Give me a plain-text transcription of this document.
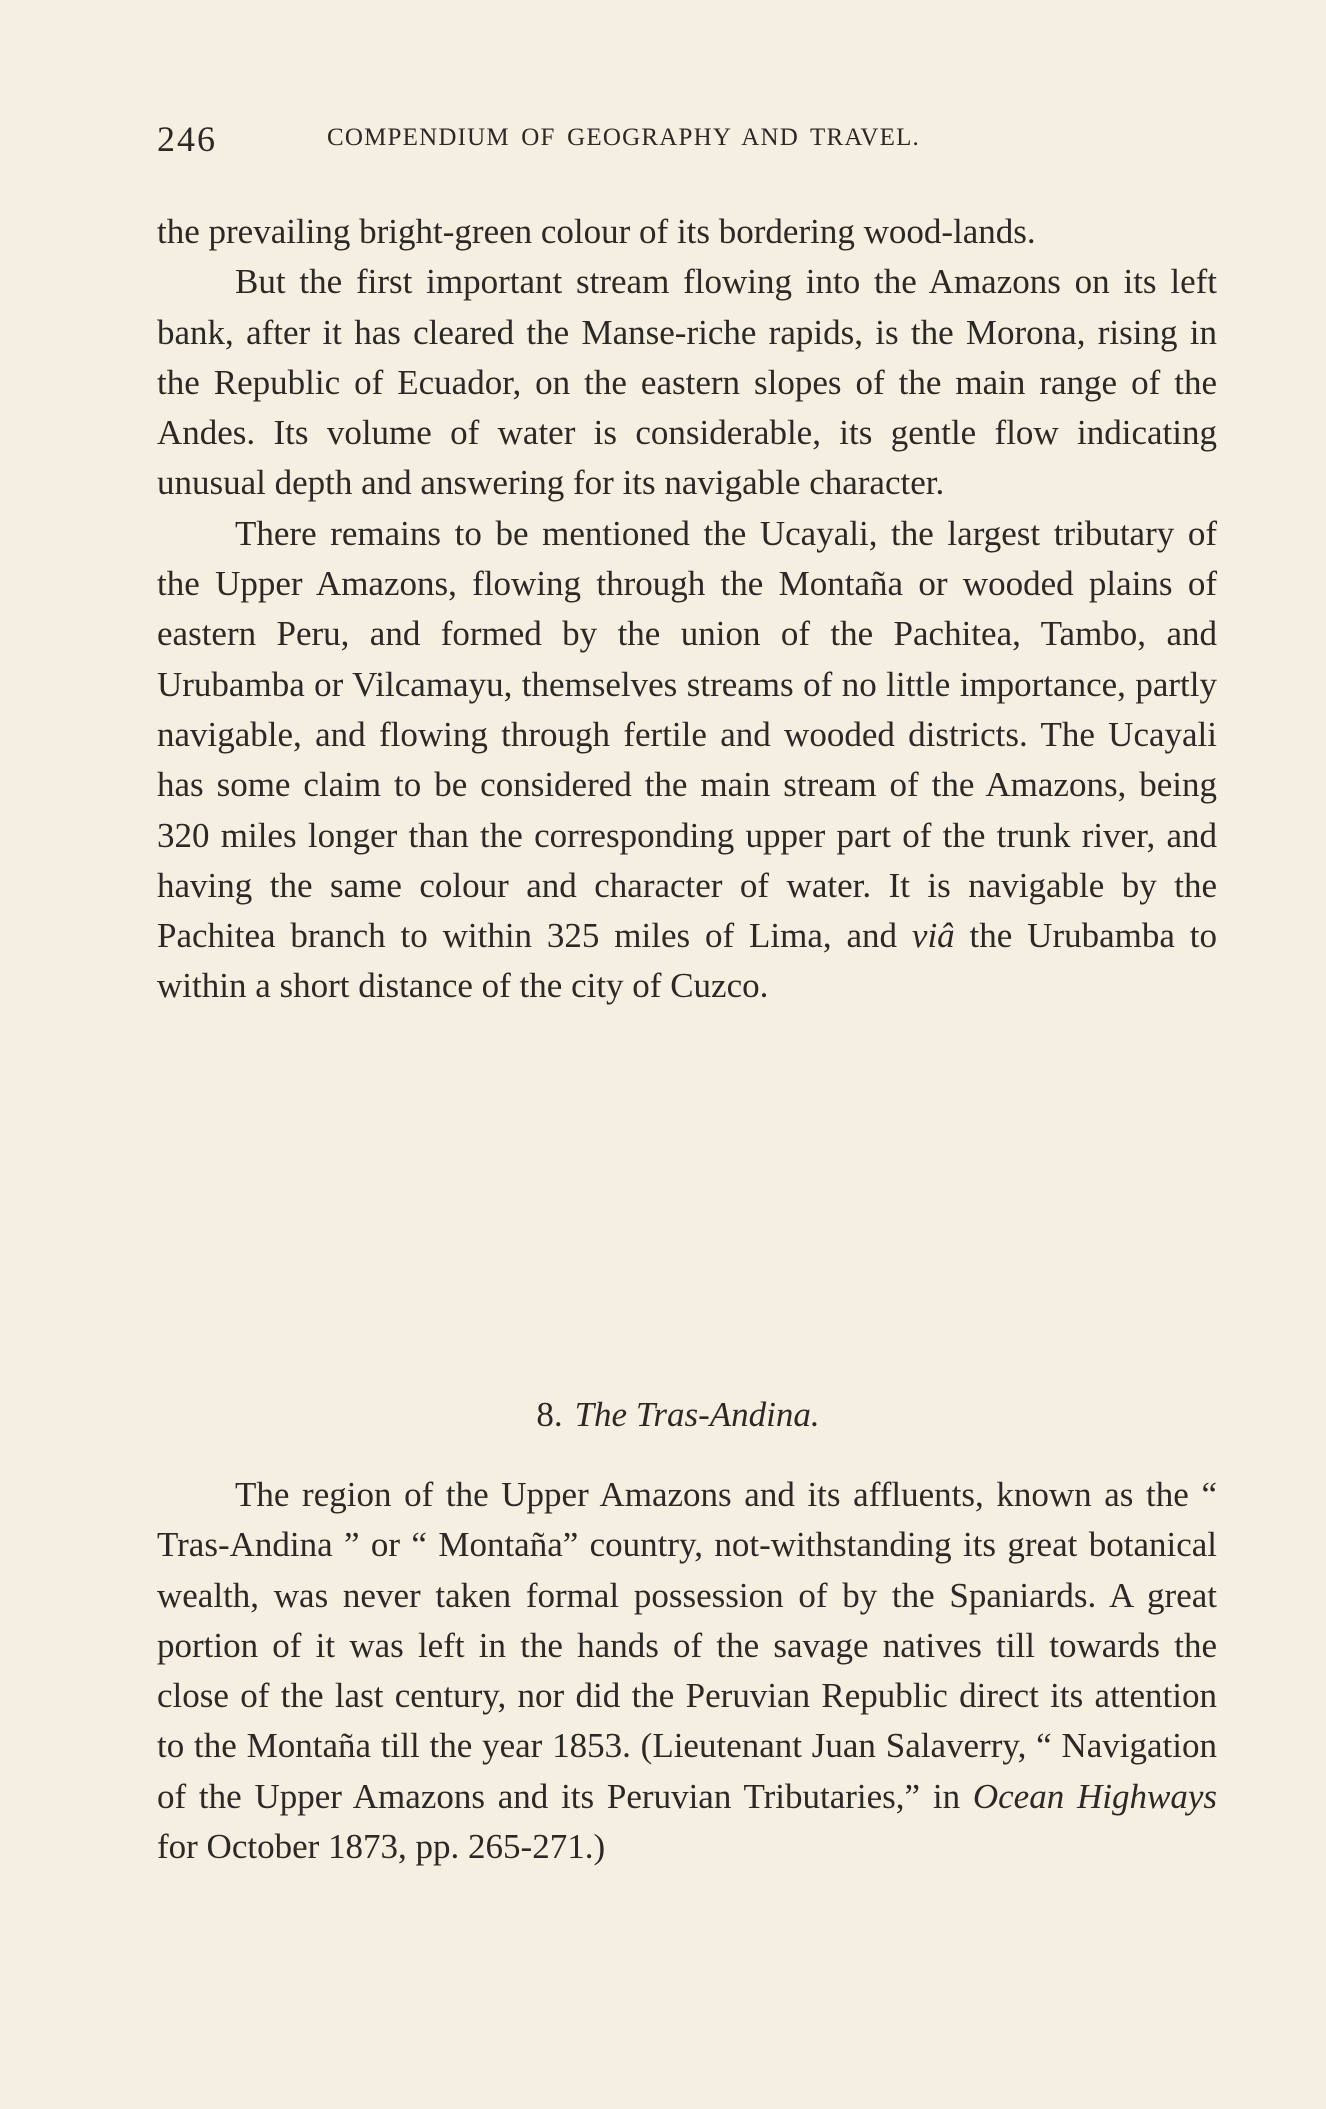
246	COMPENDIUM OF GEOGRAPHY AND TRAVEL.

the prevailing bright-green colour of its bordering wood-lands.

But the first important stream flowing into the Amazons on its left bank, after it has cleared the Manse-riche rapids, is the Morona, rising in the Republic of Ecuador, on the eastern slopes of the main range of the Andes. Its volume of water is considerable, its gentle flow indicating unusual depth and answering for its navigable character.

There remains to be mentioned the Ucayali, the largest tributary of the Upper Amazons, flowing through the Montaña or wooded plains of eastern Peru, and formed by the union of the Pachitea, Tambo, and Urubamba or Vilcamayu, themselves streams of no little importance, partly navigable, and flowing through fertile and wooded districts. The Ucayali has some claim to be considered the main stream of the Amazons, being 320 miles longer than the corresponding upper part of the trunk river, and having the same colour and character of water. It is navigable by the Pachitea branch to within 325 miles of Lima, and viâ the Urubamba to within a short distance of the city of Cuzco.

8. The Tras-Andina.

The region of the Upper Amazons and its affluents, known as the “ Tras-Andina ” or “ Montaña” country, not-withstanding its great botanical wealth, was never taken formal possession of by the Spaniards. A great portion of it was left in the hands of the savage natives till towards the close of the last century, nor did the Peruvian Republic direct its attention to the Montaña till the year 1853. (Lieutenant Juan Salaverry, “ Navigation of the Upper Amazons and its Peruvian Tributaries,” in Ocean Highways for October 1873, pp. 265-271.)
